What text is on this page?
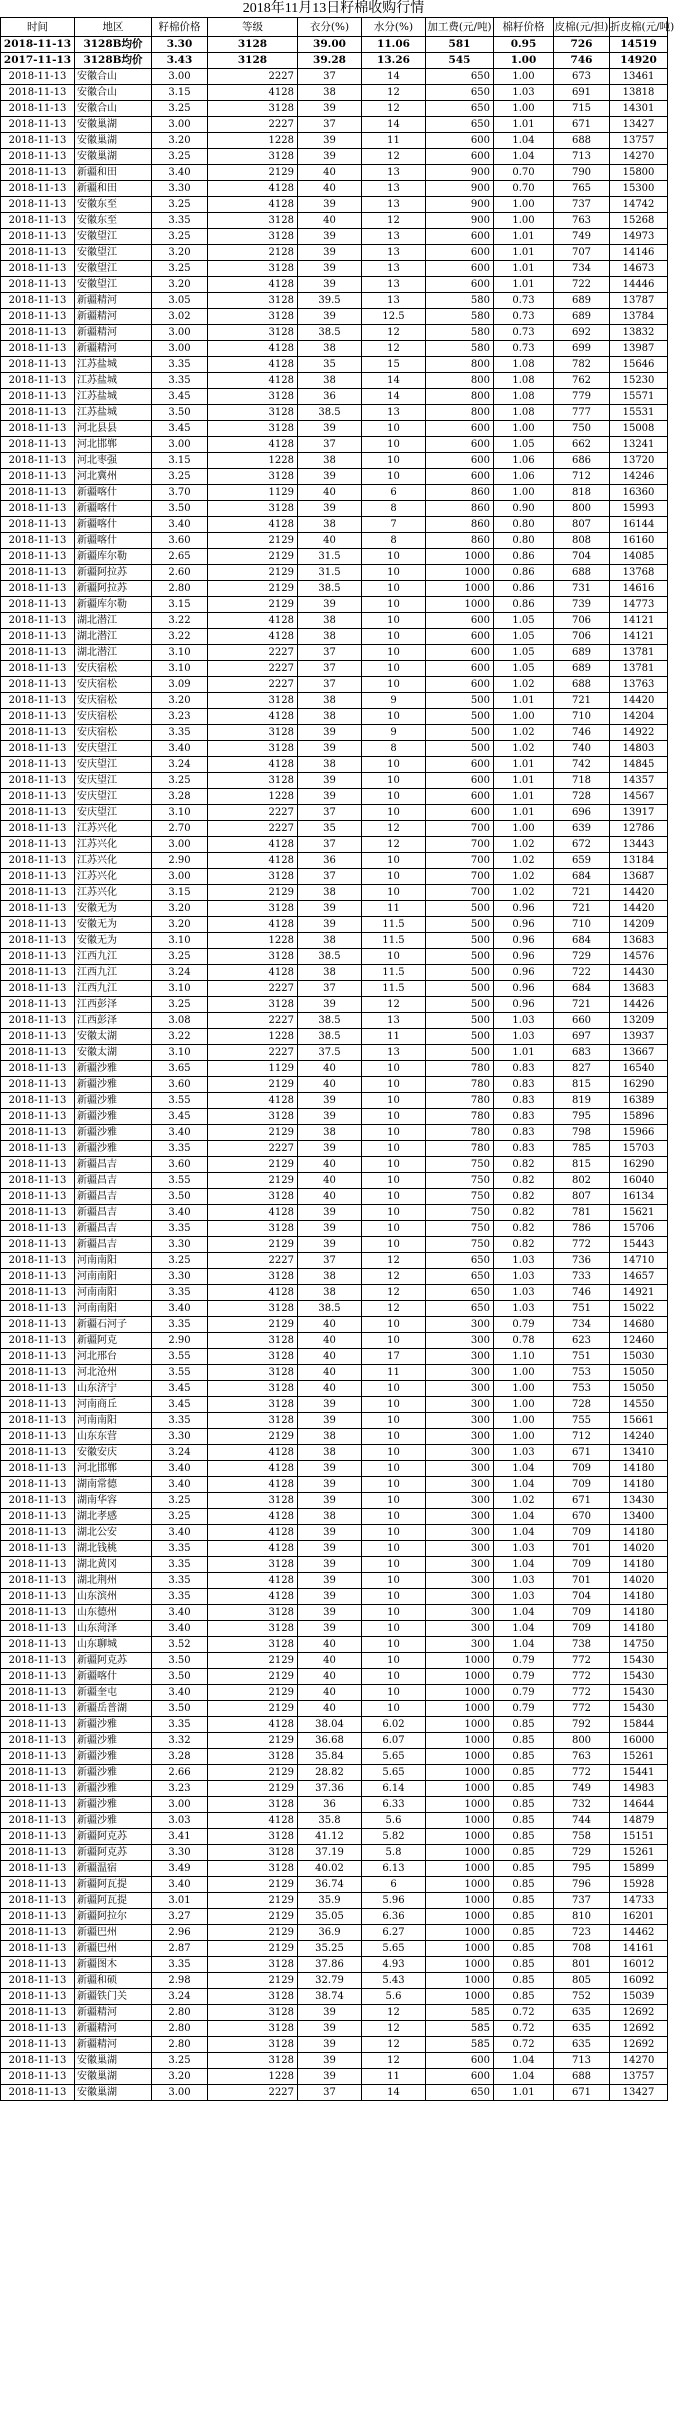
2018年11月13日籽棉收购行情
时间	地区	籽棉价格	等级	衣分(%)	水分(%)	加工费(元/吨)	棉籽价格	皮棉(元/担)	折皮棉(元/吨)
2018-11-13	3128B均价	3.30	3128	39.00	11.06	581	0.95	726	14519
2017-11-13	3128B均价	3.43	3128	39.28	13.26	545	1.00	746	14920
2018-11-13	安徽合山	3.00	2227	37	14	650	1.00	673	13461
2018-11-13	安徽合山	3.15	4128	38	12	650	1.03	691	13818
2018-11-13	安徽合山	3.25	3128	39	12	650	1.00	715	14301
2018-11-13	安徽巢湖	3.00	2227	37	14	650	1.01	671	13427
2018-11-13	安徽巢湖	3.20	1228	39	11	600	1.04	688	13757
2018-11-13	安徽巢湖	3.25	3128	39	12	600	1.04	713	14270
2018-11-13	新疆和田	3.40	2129	40	13	900	0.70	790	15800
2018-11-13	新疆和田	3.30	4128	40	13	900	0.70	765	15300
2018-11-13	安徽东至	3.25	4128	39	13	900	1.00	737	14742
2018-11-13	安徽东至	3.35	3128	40	12	900	1.00	763	15268
2018-11-13	安徽望江	3.25	3128	39	13	600	1.01	749	14973
2018-11-13	安徽望江	3.20	2128	39	13	600	1.01	707	14146
2018-11-13	安徽望江	3.25	3128	39	13	600	1.01	734	14673
2018-11-13	安徽望江	3.20	4128	39	13	600	1.01	722	14446
2018-11-13	新疆精河	3.05	3128	39.5	13	580	0.73	689	13787
2018-11-13	新疆精河	3.02	3128	39	12.5	580	0.73	689	13784
2018-11-13	新疆精河	3.00	3128	38.5	12	580	0.73	692	13832
2018-11-13	新疆精河	3.00	4128	38	12	580	0.73	699	13987
2018-11-13	江苏盐城	3.35	4128	35	15	800	1.08	782	15646
2018-11-13	江苏盐城	3.35	4128	38	14	800	1.08	762	15230
2018-11-13	江苏盐城	3.45	3128	36	14	800	1.08	779	15571
2018-11-13	江苏盐城	3.50	3128	38.5	13	800	1.08	777	15531
2018-11-13	河北县县	3.45	3128	39	10	600	1.00	750	15008
2018-11-13	河北邯郸	3.00	4128	37	10	600	1.05	662	13241
2018-11-13	河北枣强	3.15	1228	38	10	600	1.06	686	13720
2018-11-13	河北冀州	3.25	3128	39	10	600	1.06	712	14246
2018-11-13	新疆喀什	3.70	1129	40	6	860	1.00	818	16360
2018-11-13	新疆喀什	3.50	3128	39	8	860	0.90	800	15993
2018-11-13	新疆喀什	3.40	4128	38	7	860	0.80	807	16144
2018-11-13	新疆喀什	3.60	2129	40	8	860	0.80	808	16160
2018-11-13	新疆库尔勒	2.65	2129	31.5	10	1000	0.86	704	14085
2018-11-13	新疆阿拉苏	2.60	2129	31.5	10	1000	0.86	688	13768
2018-11-13	新疆阿拉苏	2.80	2129	38.5	10	1000	0.86	731	14616
2018-11-13	新疆库尔勒	3.15	2129	39	10	1000	0.86	739	14773
2018-11-13	湖北潜江	3.22	4128	38	10	600	1.05	706	14121
2018-11-13	湖北潜江	3.22	4128	38	10	600	1.05	706	14121
2018-11-13	湖北潜江	3.10	2227	37	10	600	1.05	689	13781
2018-11-13	安庆宿松	3.10	2227	37	10	600	1.05	689	13781
2018-11-13	安庆宿松	3.09	2227	37	10	600	1.02	688	13763
2018-11-13	安庆宿松	3.20	3128	38	9	500	1.01	721	14420
2018-11-13	安庆宿松	3.23	4128	38	10	500	1.00	710	14204
2018-11-13	安庆宿松	3.35	3128	39	9	500	1.02	746	14922
2018-11-13	安庆望江	3.40	3128	39	8	500	1.02	740	14803
2018-11-13	安庆望江	3.24	4128	38	10	600	1.01	742	14845
2018-11-13	安庆望江	3.25	3128	39	10	600	1.01	718	14357
2018-11-13	安庆望江	3.28	1228	39	10	600	1.01	728	14567
2018-11-13	安庆望江	3.10	2227	37	10	600	1.01	696	13917
2018-11-13	江苏兴化	2.70	2227	35	12	700	1.00	639	12786
2018-11-13	江苏兴化	3.00	4128	37	12	700	1.02	672	13443
2018-11-13	江苏兴化	2.90	4128	36	10	700	1.02	659	13184
2018-11-13	江苏兴化	3.00	3128	37	10	700	1.02	684	13687
2018-11-13	江苏兴化	3.15	2129	38	10	700	1.02	721	14420
2018-11-13	安徽无为	3.20	3128	39	11	500	0.96	721	14420
2018-11-13	安徽无为	3.20	4128	39	11.5	500	0.96	710	14209
2018-11-13	安徽无为	3.10	1228	38	11.5	500	0.96	684	13683
2018-11-13	江西九江	3.25	3128	38.5	10	500	0.96	729	14576
2018-11-13	江西九江	3.24	4128	38	11.5	500	0.96	722	14430
2018-11-13	江西九江	3.10	2227	37	11.5	500	0.96	684	13683
2018-11-13	江西彭泽	3.25	3128	39	12	500	0.96	721	14426
2018-11-13	江西彭泽	3.08	2227	38.5	13	500	1.03	660	13209
2018-11-13	安徽太湖	3.22	1228	38.5	11	500	1.03	697	13937
2018-11-13	安徽太湖	3.10	2227	37.5	13	500	1.01	683	13667
2018-11-13	新疆沙雅	3.65	1129	40	10	780	0.83	827	16540
2018-11-13	新疆沙雅	3.60	2129	40	10	780	0.83	815	16290
2018-11-13	新疆沙雅	3.55	4128	39	10	780	0.83	819	16389
2018-11-13	新疆沙雅	3.45	3128	39	10	780	0.83	795	15896
2018-11-13	新疆沙雅	3.40	2129	38	10	780	0.83	798	15966
2018-11-13	新疆沙雅	3.35	2227	39	10	780	0.83	785	15703
2018-11-13	新疆昌吉	3.60	2129	40	10	750	0.82	815	16290
2018-11-13	新疆昌吉	3.55	2129	40	10	750	0.82	802	16040
2018-11-13	新疆昌吉	3.50	3128	40	10	750	0.82	807	16134
2018-11-13	新疆昌吉	3.40	4128	39	10	750	0.82	781	15621
2018-11-13	新疆昌吉	3.35	3128	39	10	750	0.82	786	15706
2018-11-13	新疆昌吉	3.30	2129	39	10	750	0.82	772	15443
2018-11-13	河南南阳	3.25	2227	37	12	650	1.03	736	14710
2018-11-13	河南南阳	3.30	3128	38	12	650	1.03	733	14657
2018-11-13	河南南阳	3.35	4128	38	12	650	1.03	746	14921
2018-11-13	河南南阳	3.40	3128	38.5	12	650	1.03	751	15022
2018-11-13	新疆石河子	3.35	2129	40	10	300	0.79	734	14680
2018-11-13	新疆阿克	2.90	3128	40	10	300	0.78	623	12460
2018-11-13	河北邢台	3.55	3128	40	17	300	1.10	751	15030
2018-11-13	河北沧州	3.55	3128	40	11	300	1.00	753	15050
2018-11-13	山东济宁	3.45	3128	40	10	300	1.00	753	15050
2018-11-13	河南商丘	3.45	3128	39	10	300	1.00	728	14550
2018-11-13	河南南阳	3.35	3128	39	10	300	1.00	755	15661
2018-11-13	山东东营	3.30	2129	38	10	300	1.00	712	14240
2018-11-13	安徽安庆	3.24	4128	38	10	300	1.03	671	13410
2018-11-13	河北邯郸	3.40	4128	39	10	300	1.04	709	14180
2018-11-13	湖南常德	3.40	4128	39	10	300	1.04	709	14180
2018-11-13	湖南华容	3.25	3128	39	10	300	1.02	671	13430
2018-11-13	湖北孝感	3.25	4128	38	10	300	1.04	670	13400
2018-11-13	湖北公安	3.40	4128	39	10	300	1.04	709	14180
2018-11-13	湖北钱桃	3.35	4128	39	10	300	1.03	701	14020
2018-11-13	湖北黄冈	3.35	3128	39	10	300	1.04	709	14180
2018-11-13	湖北荆州	3.35	4128	39	10	300	1.03	701	14020
2018-11-13	山东滨州	3.35	4128	39	10	300	1.03	704	14180
2018-11-13	山东德州	3.40	3128	39	10	300	1.04	709	14180
2018-11-13	山东菏泽	3.40	3128	39	10	300	1.04	709	14180
2018-11-13	山东聊城	3.52	3128	40	10	300	1.04	738	14750
2018-11-13	新疆阿克苏	3.50	2129	40	10	1000	0.79	772	15430
2018-11-13	新疆喀什	3.50	2129	40	10	1000	0.79	772	15430
2018-11-13	新疆奎屯	3.40	2129	40	10	1000	0.79	772	15430
2018-11-13	新疆岳普湖	3.50	2129	40	10	1000	0.79	772	15430
2018-11-13	新疆沙雅	3.35	4128	38.04	6.02	1000	0.85	792	15844
2018-11-13	新疆沙雅	3.32	2129	36.68	6.07	1000	0.85	800	16000
2018-11-13	新疆沙雅	3.28	3128	35.84	5.65	1000	0.85	763	15261
2018-11-13	新疆沙雅	2.66	2129	28.82	5.65	1000	0.85	772	15441
2018-11-13	新疆沙雅	3.23	2129	37.36	6.14	1000	0.85	749	14983
2018-11-13	新疆沙雅	3.00	3128	36	6.33	1000	0.85	732	14644
2018-11-13	新疆沙雅	3.03	4128	35.8	5.6	1000	0.85	744	14879
2018-11-13	新疆阿克苏	3.41	3128	41.12	5.82	1000	0.85	758	15151
2018-11-13	新疆阿克苏	3.30	3128	37.19	5.8	1000	0.85	729	15261
2018-11-13	新疆温宿	3.49	3128	40.02	6.13	1000	0.85	795	15899
2018-11-13	新疆阿瓦提	3.40	2129	36.74	6	1000	0.85	796	15928
2018-11-13	新疆阿瓦提	3.01	2129	35.9	5.96	1000	0.85	737	14733
2018-11-13	新疆阿拉尔	3.27	2129	35.05	6.36	1000	0.85	810	16201
2018-11-13	新疆巴州	2.96	2129	36.9	6.27	1000	0.85	723	14462
2018-11-13	新疆巴州	2.87	2129	35.25	5.65	1000	0.85	708	14161
2018-11-13	新疆图木	3.35	3128	37.86	4.93	1000	0.85	801	16012
2018-11-13	新疆和硕	2.98	2129	32.79	5.43	1000	0.85	805	16092
2018-11-13	新疆铁门关	3.24	3128	38.74	5.6	1000	0.85	752	15039
2018-11-13	新疆精河	2.80	3128	39	12	585	0.72	635	12692
2018-11-13	新疆精河	2.80	3128	39	12	585	0.72	635	12692
2018-11-13	新疆精河	2.80	3128	39	12	585	0.72	635	12692
2018-11-13	安徽巢湖	3.25	3128	39	12	600	1.04	713	14270
2018-11-13	安徽巢湖	3.20	1228	39	11	600	1.04	688	13757
2018-11-13	安徽巢湖	3.00	2227	37	14	650	1.01	671	13427
